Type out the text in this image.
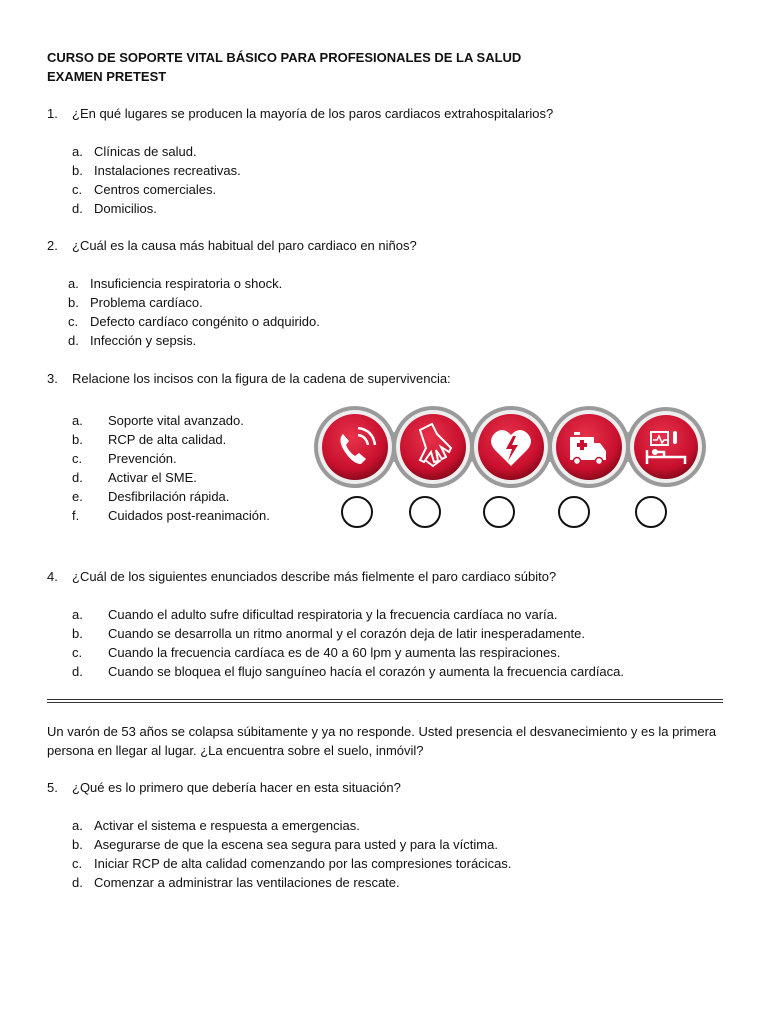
CURSO DE SOPORTE VITAL BÁSICO PARA PROFESIONALES DE LA SALUD
EXAMEN PRETEST
1. ¿En qué lugares se producen la mayoría de los paros cardiacos extrahospitalarios?
a. Clínicas de salud.
b. Instalaciones recreativas.
c. Centros comerciales.
d. Domicilios.
2. ¿Cuál es la causa más habitual del paro cardiaco en niños?
a. Insuficiencia respiratoria o shock.
b. Problema cardíaco.
c. Defecto cardíaco congénito o adquirido.
d. Infección y sepsis.
3. Relacione los incisos con la figura de la cadena de supervivencia:
a. Soporte vital avanzado.
b. RCP de alta calidad.
c. Prevención.
d. Activar el SME.
e. Desfibrilación rápida.
f. Cuidados post-reanimación.
4. ¿Cuál de los siguientes enunciados describe más fielmente el paro cardiaco súbito?
a. Cuando el adulto sufre dificultad respiratoria y la frecuencia cardíaca no varía.
b. Cuando se desarrolla un ritmo anormal y el corazón deja de latir inesperadamente.
c. Cuando la frecuencia cardíaca es de 40 a 60 lpm y aumenta las respiraciones.
d. Cuando se bloquea el flujo sanguíneo hacía el corazón y aumenta la frecuencia cardíaca.
Un varón de 53 años se colapsa súbitamente y ya no responde. Usted presencia el desvanecimiento y es la primera persona en llegar al lugar. ¿La encuentra sobre el suelo, inmóvil?
5. ¿Qué es lo primero que debería hacer en esta situación?
a. Activar el sistema e respuesta a emergencias.
b. Asegurarse de que la escena sea segura para usted y para la víctima.
c. Iniciar RCP de alta calidad comenzando por las compresiones torácicas.
d. Comenzar a administrar las ventilaciones de rescate.
